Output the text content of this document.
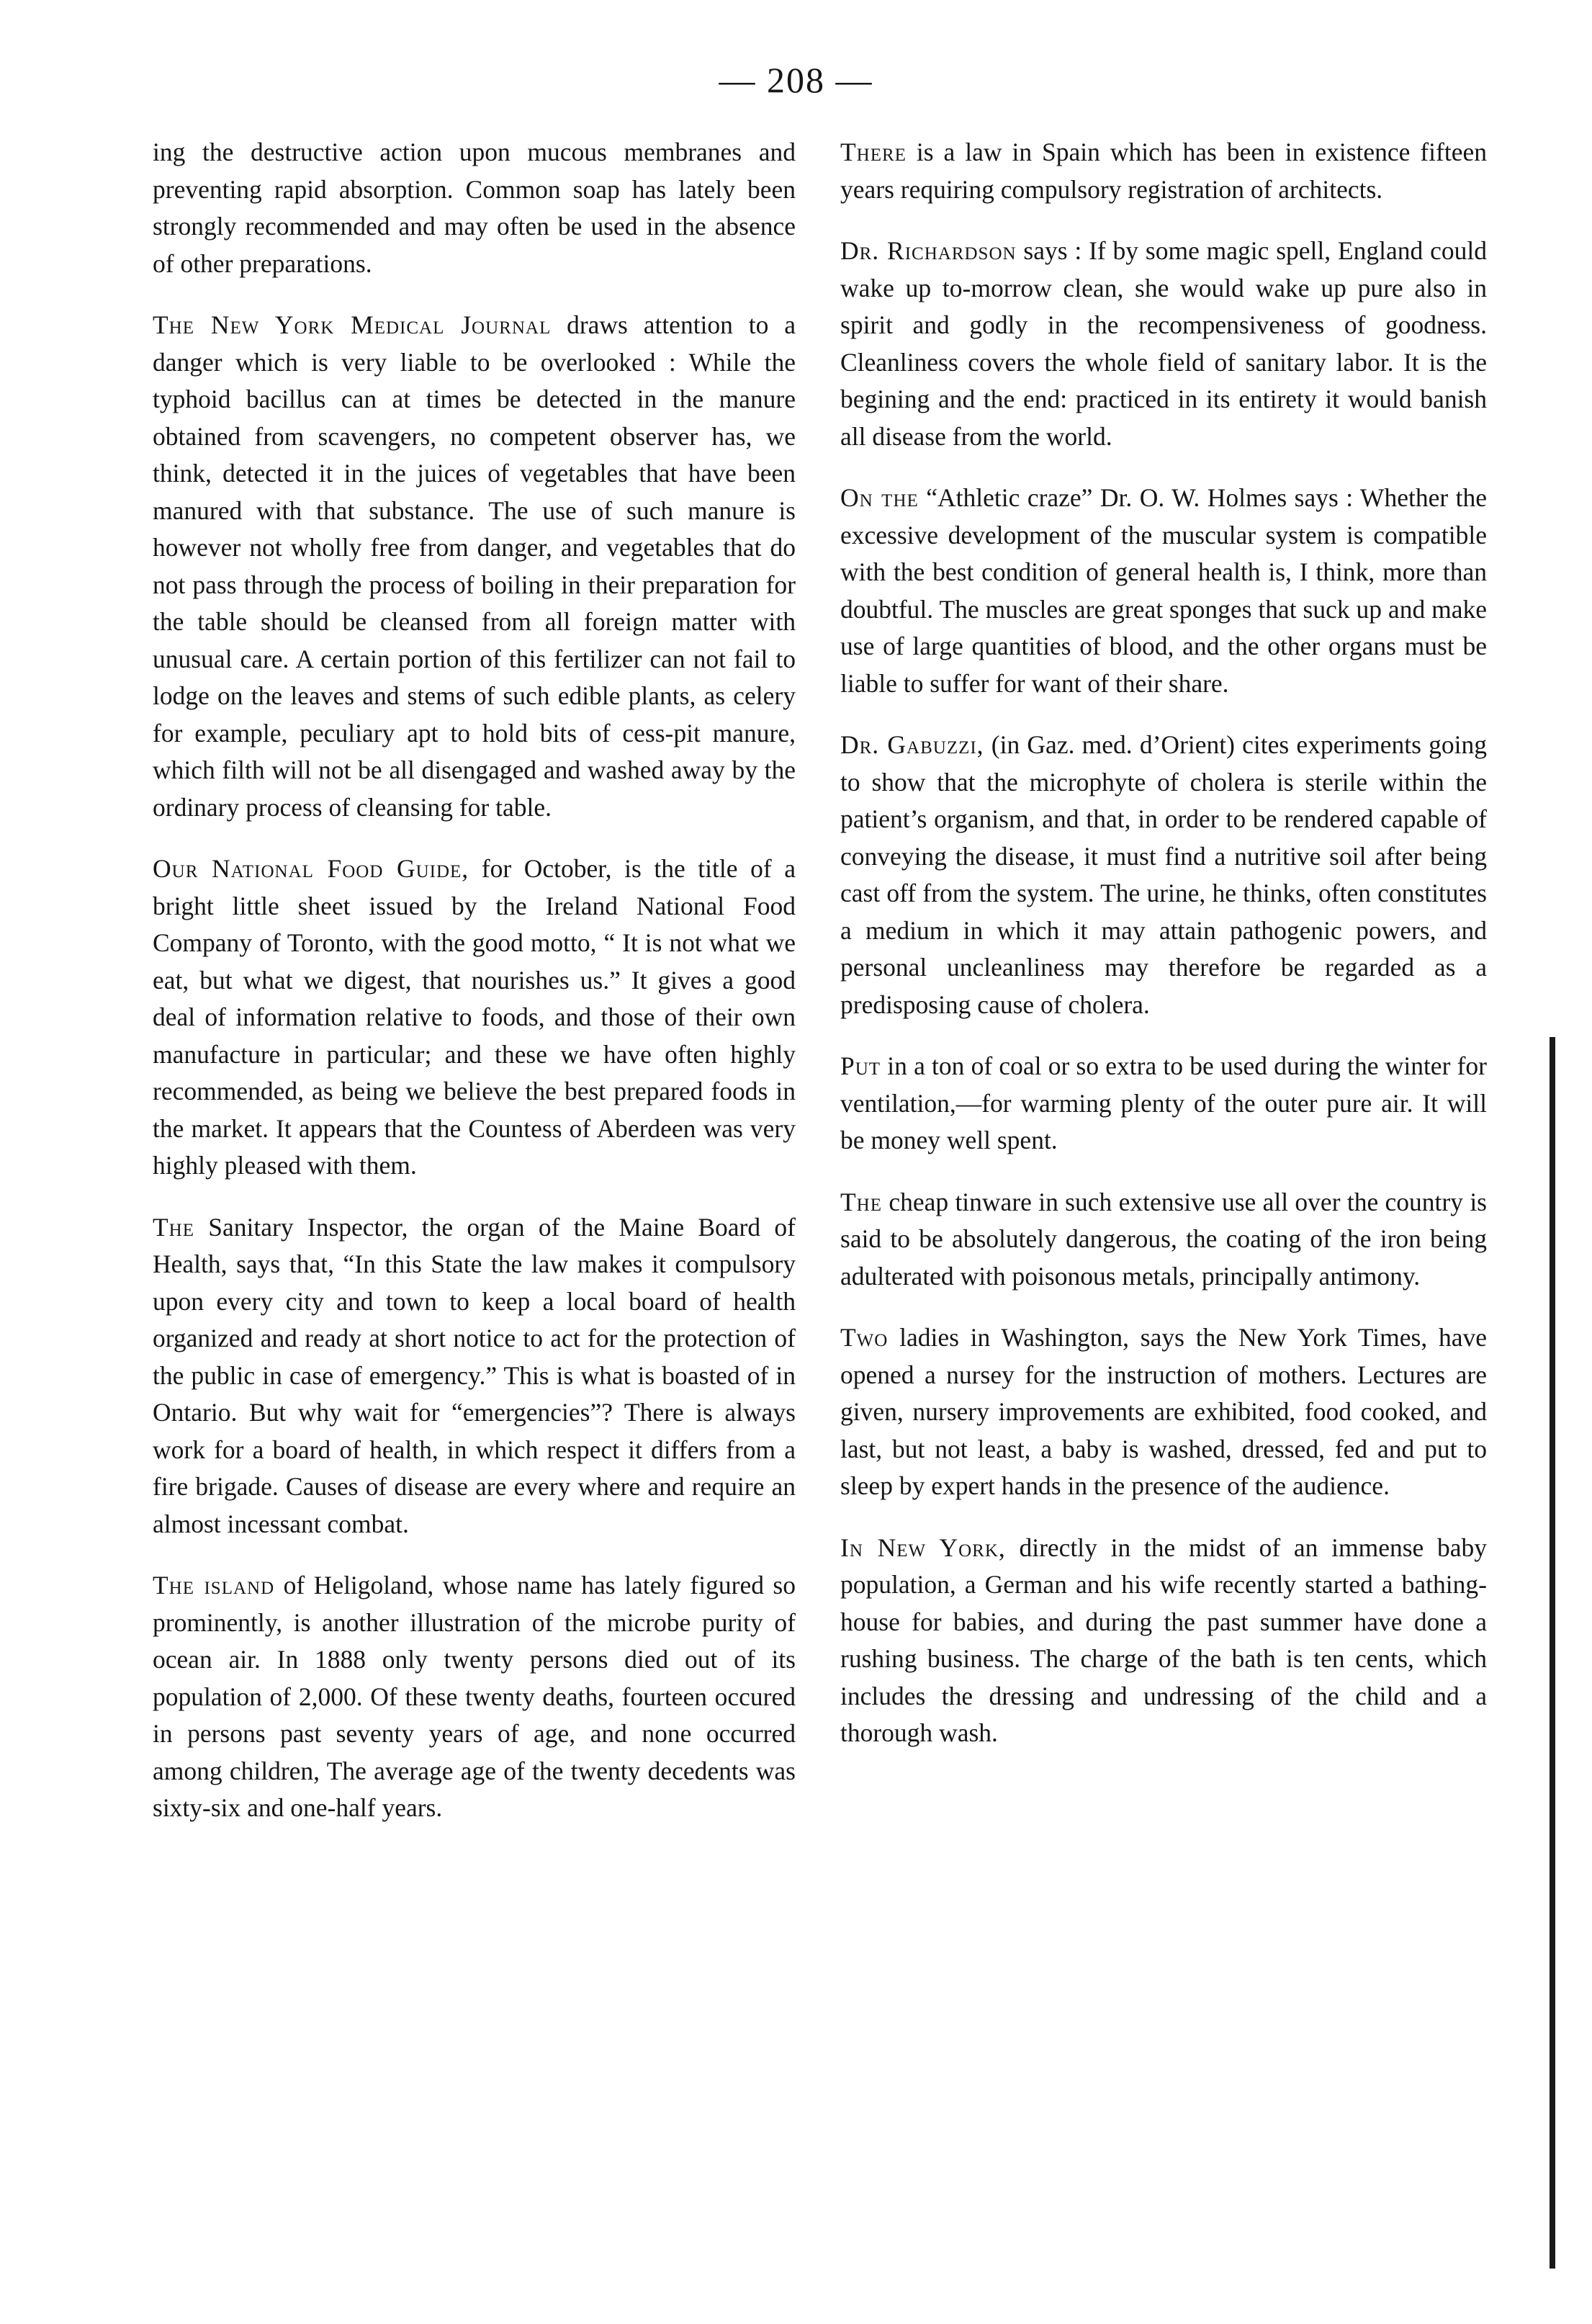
— 208 —

ing the destructive action upon mucous membranes and preventing rapid absorption. Common soap has lately been strongly recommended and may often be used in the absence of other preparations.

The New York Medical Journal draws attention to a danger which is very liable to be overlooked : While the typhoid bacillus can at times be detected in the manure obtained from scavengers, no competent observer has, we think, detected it in the juices of vegetables that have been manured with that substance. The use of such manure is however not wholly free from danger, and vegetables that do not pass through the process of boiling in their preparation for the table should be cleansed from all foreign matter with unusual care. A certain portion of this fertilizer can not fail to lodge on the leaves and stems of such edible plants, as celery for example, peculiary apt to hold bits of cess-pit manure, which filth will not be all disengaged and washed away by the ordinary process of cleansing for table.

Our National Food Guide, for October, is the title of a bright little sheet issued by the Ireland National Food Company of Toronto, with the good motto, “ It is not what we eat, but what we digest, that nourishes us.” It gives a good deal of information relative to foods, and those of their own manufacture in particular; and these we have often highly recommended, as being we believe the best prepared foods in the market. It appears that the Countess of Aberdeen was very highly pleased with them.

The Sanitary Inspector, the organ of the Maine Board of Health, says that, “In this State the law makes it compulsory upon every city and town to keep a local board of health organized and ready at short notice to act for the protection of the public in case of emergency.” This is what is boasted of in Ontario. But why wait for “emergencies”? There is always work for a board of health, in which respect it differs from a fire brigade. Causes of disease are every where and require an almost incessant combat.

The island of Heligoland, whose name has lately figured so prominently, is another illustration of the microbe purity of ocean air. In 1888 only twenty persons died out of its population of 2,000. Of these twenty deaths, fourteen occured in persons past seventy years of age, and none occurred among children, The average age of the twenty decedents was sixty-six and one-half years.

There is a law in Spain which has been in existence fifteen years requiring compulsory registration of architects.

Dr. Richardson says : If by some magic spell, England could wake up to-morrow clean, she would wake up pure also in spirit and godly in the recompensiveness of goodness. Cleanliness covers the whole field of sanitary labor. It is the begining and the end: practiced in its entirety it would banish all disease from the world.

On the “Athletic craze” Dr. O. W. Holmes says : Whether the excessive development of the muscular system is compatible with the best condition of general health is, I think, more than doubtful. The muscles are great sponges that suck up and make use of large quantities of blood, and the other organs must be liable to suffer for want of their share.

Dr. Gabuzzi, (in Gaz. med. d’Orient) cites experiments going to show that the microphyte of cholera is sterile within the patient’s organism, and that, in order to be rendered capable of conveying the disease, it must find a nutritive soil after being cast off from the system. The urine, he thinks, often constitutes a medium in which it may attain pathogenic powers, and personal uncleanliness may therefore be regarded as a predisposing cause of cholera.

Put in a ton of coal or so extra to be used during the winter for ventilation,—for warming plenty of the outer pure air. It will be money well spent.

The cheap tinware in such extensive use all over the country is said to be absolutely dangerous, the coating of the iron being adulterated with poisonous metals, principally antimony.

Two ladies in Washington, says the New York Times, have opened a nursey for the instruction of mothers. Lectures are given, nursery improvements are exhibited, food cooked, and last, but not least, a baby is washed, dressed, fed and put to sleep by expert hands in the presence of the audience.

In New York, directly in the midst of an immense baby population, a German and his wife recently started a bathing-house for babies, and during the past summer have done a rushing business. The charge of the bath is ten cents, which includes the dressing and undressing of the child and a thorough wash.
